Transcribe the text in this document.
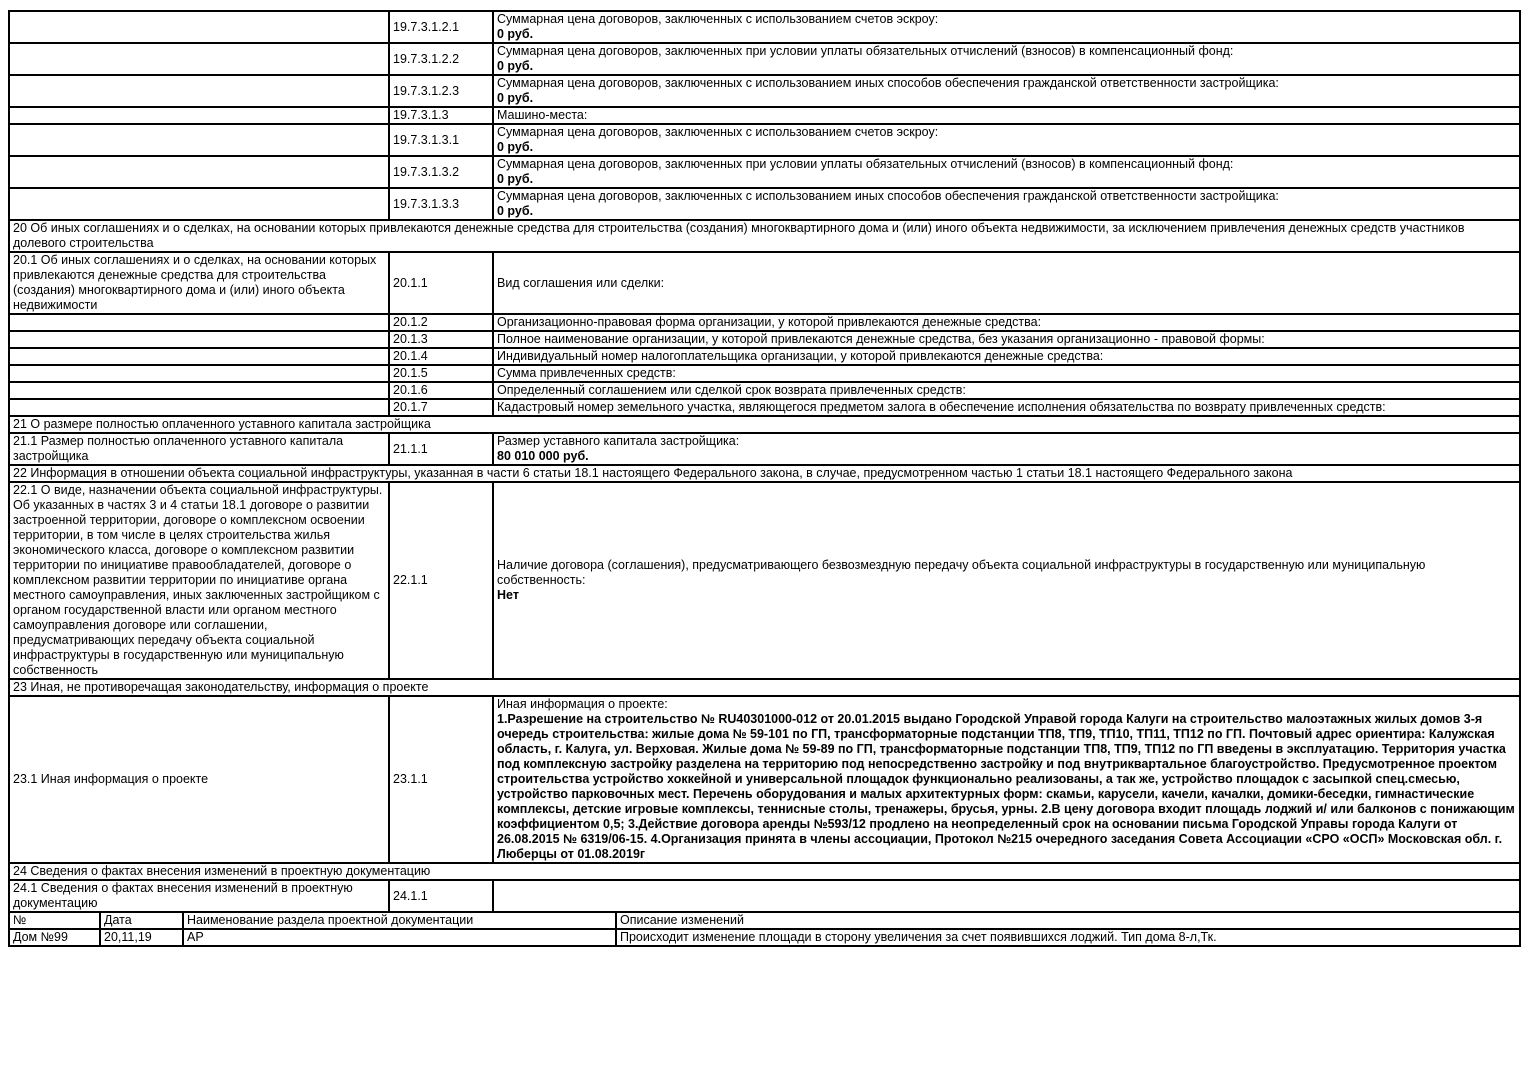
	19.7.3.1.2.1	Суммарная цена договоров, заключенных с использованием счетов эскроу:
0 руб.

	19.7.3.1.2.2	Суммарная цена договоров, заключенных при условии уплаты обязательных отчислений (взносов) в компенсационный фонд:
0 руб.

	19.7.3.1.2.3	Суммарная цена договоров, заключенных с использованием иных способов обеспечения гражданской ответственности застройщика:
0 руб.

	19.7.3.1.3	Машино-места:

	19.7.3.1.3.1	Суммарная цена договоров, заключенных с использованием счетов эскроу:
0 руб.

	19.7.3.1.3.2	Суммарная цена договоров, заключенных при условии уплаты обязательных отчислений (взносов) в компенсационный фонд:
0 руб.

	19.7.3.1.3.3	Суммарная цена договоров, заключенных с использованием иных способов обеспечения гражданской ответственности застройщика:
0 руб.

20 Об иных соглашениях и о сделках, на основании которых привлекаются денежные средства для строительства (создания) многоквартирного дома и (или) иного объекта недвижимости, за исключением привлечения денежных средств участников долевого строительства		
20.1 Об иных соглашениях и о сделках, на основании которых привлекаются денежные средства для строительства (создания) многоквартирного дома и (или) иного объекта недвижимости	20.1.1	Вид соглашения или сделки:

	20.1.2	Организационно-правовая форма организации, у которой привлекаются денежные средства:

	20.1.3	Полное наименование организации, у которой привлекаются денежные средства, без указания организационно - правовой формы:

	20.1.4	Индивидуальный номер налогоплательщика организации, у которой привлекаются денежные средства:

	20.1.5	Сумма привлеченных средств:

	20.1.6	Определенный соглашением или сделкой срок возврата привлеченных средств:

	20.1.7	Кадастровый номер земельного участка, являющегося предметом залога в обеспечение исполнения обязательства по возврату привлеченных средств:

21 О размере полностью оплаченного уставного капитала застройщика		
21.1 Размер полностью оплаченного уставного капитала застройщика	21.1.1	Размер уставного капитала застройщика:
80 010 000 руб.

22 Информация в отношении объекта социальной инфраструктуры, указанная в части 6 статьи 18.1 настоящего Федерального закона, в случае, предусмотренном частью 1 статьи 18.1 настоящего Федерального закона		
22.1 О виде, назначении объекта социальной инфраструктуры. Об указанных в частях 3 и 4 статьи 18.1 договоре о развитии застроенной территории, договоре о комплексном освоении территории, в том числе в целях строительства жилья экономического класса, договоре о комплексном развитии территории по инициативе правообладателей, договоре о комплексном развитии территории по инициативе органа местного самоуправления, иных заключенных застройщиком с органом государственной власти или органом местного самоуправления договоре или соглашении, предусматривающих передачу объекта социальной инфраструктуры в государственную или муниципальную собственность	22.1.1	Наличие договора (соглашения), предусматривающего безвозмездную передачу объекта социальной инфраструктуры в государственную или муниципальную собственность:
Нет

23 Иная, не противоречащая законодательству, информация о проекте		
23.1 Иная информация о проекте	23.1.1	Иная информация о проекте:
1.Разрешение на строительство № RU40301000-012 от 20.01.2015 выдано Городской Управой города Калуги на строительство малоэтажных жилых домов 3-я очередь строительства: жилые дома № 59-101 по ГП, трансформаторные подстанции ТП8, ТП9, ТП10, ТП11, ТП12 по ГП. Почтовый адрес ориентира: Калужская область, г. Калуга, ул. Верховая. Жилые дома № 59-89 по ГП, трансформаторные подстанции ТП8, ТП9, ТП12 по ГП введены в эксплуатацию. Территория участка под комплексную застройку разделена на территорию под непосредственно застройку и под внутриквартальное благоустройство. Предусмотренное проектом строительства устройство хоккейной и универсальной площадок функционально реализованы, а так же, устройство площадок с засыпкой спец.смесью, устройство парковочных мест. Перечень оборудования и малых архитектурных форм: скамьи, карусели, качели, качалки, домики-беседки, гимнастические комплексы, детские игровые комплексы, теннисные столы, тренажеры, брусья, урны. 2.В цену договора входит площадь лоджий и/ или балконов с понижающим коэффициентом 0,5; 3.Действие договора аренды №593/12 продлено на неопределенный срок на основании письма Городской Управы города Калуги от 26.08.2015 № 6319/06-15. 4.Организация принята в члены ассоциации, Протокол №215 очередного заседания Совета Ассоциации «СРО «ОСП» Московская обл. г. Люберцы от 01.08.2019г

24 Сведения о фактах внесения изменений в проектную документацию		
24.1 Сведения о фактах внесения изменений в проектную документацию	24.1.1	
№	Дата	Наименование раздела проектной документации	Описание изменений
Дом №99	20,11,19	АР	Происходит изменение площади в сторону увеличения за счет появившихся лоджий. Тип дома 8-л,Тк.
